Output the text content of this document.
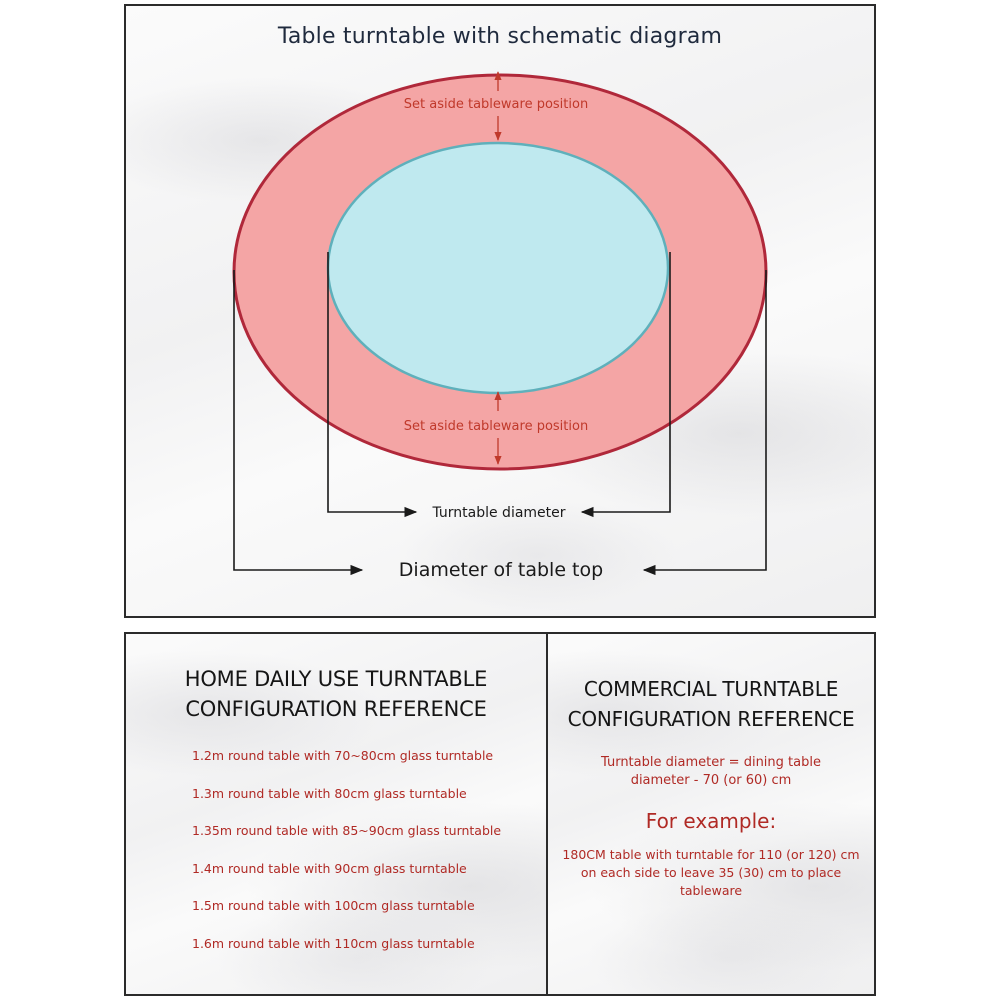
Set aside tableware position
Set aside tableware position
Turntable diameter
Diameter of table top
Table turntable with schematic diagram
HOME DAILY USE TURNTABLE
CONFIGURATION REFERENCE
1.2m round table with 70~80cm glass turntable
1.3m round table with 80cm glass turntable
1.35m round table with 85~90cm glass turntable
1.4m round table with 90cm glass turntable
1.5m round table with 100cm glass turntable
1.6m round table with 110cm glass turntable
COMMERCIAL TURNTABLE
CONFIGURATION REFERENCE
Turntable diameter = dining table
diameter - 70 (or 60) cm
For example:
180CM table with turntable for 110 (or 120) cm
on each side to leave 35 (30) cm to place
tableware
